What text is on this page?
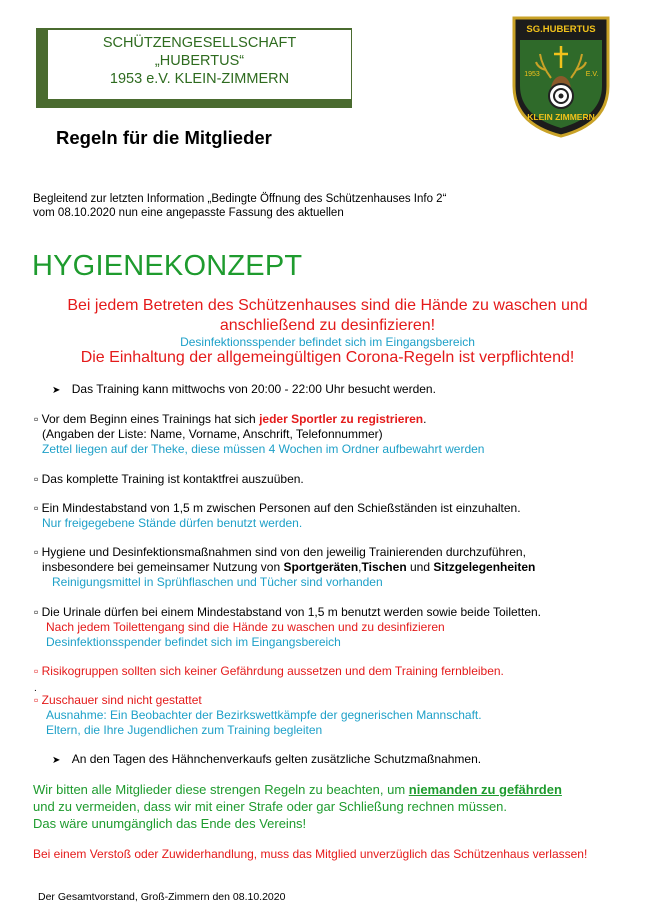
SCHÜTZENGESELLSCHAFT
„HUBERTUS“
1953 e.V. KLEIN-ZIMMERN
SG.HUBERTUS
1953	E.V.
KLEIN ZIMMERN
Regeln für die Mitglieder
Begleitend zur letzten Information „Bedingte Öffnung des Schützenhauses Info 2“
vom 08.10.2020 nun eine angepasste Fassung des aktuellen
HYGIENEKONZEPT
Bei jedem Betreten des Schützenhauses sind die Hände zu waschen und
anschließend zu desinfizieren!
Desinfektionsspender befindet sich im Eingangsbereich
Die Einhaltung der allgemeingültigen Corona-Regeln ist verpflichtend!
➤ Das Training kann mittwochs von 20:00 - 22:00 Uhr besucht werden.
▫ Vor dem Beginn eines Trainings hat sich jeder Sportler zu registrieren.
(Angaben der Liste: Name, Vorname, Anschrift, Telefonnummer)
Zettel liegen auf der Theke, diese müssen 4 Wochen im Ordner aufbewahrt werden
▫ Das komplette Training ist kontaktfrei auszuüben.
▫ Ein Mindestabstand von 1,5 m zwischen Personen auf den Schießständen ist einzuhalten.
Nur freigegebene Stände dürfen benutzt werden.
▫ Hygiene und Desinfektionsmaßnahmen sind von den jeweilig Trainierenden durchzuführen,
insbesondere bei gemeinsamer Nutzung von Sportgeräten,Tischen und Sitzgelegenheiten
Reinigungsmittel in Sprühflaschen und Tücher sind vorhanden
▫ Die Urinale dürfen bei einem Mindestabstand von 1,5 m benutzt werden sowie beide Toiletten.
Nach jedem Toilettengang sind die Hände zu waschen und zu desinfizieren
Desinfektionsspender befindet sich im Eingangsbereich
▫ Risikogruppen sollten sich keiner Gefährdung aussetzen und dem Training fernbleiben.
.
▫ Zuschauer sind nicht gestattet
Ausnahme: Ein Beobachter der Bezirkswettkämpfe der gegnerischen Mannschaft.
Eltern, die Ihre Jugendlichen zum Training begleiten
➤ An den Tagen des Hähnchenverkaufs gelten zusätzliche Schutzmaßnahmen.
Wir bitten alle Mitglieder diese strengen Regeln zu beachten, um niemanden zu gefährden
und zu vermeiden, dass wir mit einer Strafe oder gar Schließung rechnen müssen.
Das wäre unumgänglich das Ende des Vereins!
Bei einem Verstoß oder Zuwiderhandlung, muss das Mitglied unverzüglich das Schützenhaus verlassen!
Der Gesamtvorstand, Groß-Zimmern den 08.10.2020
